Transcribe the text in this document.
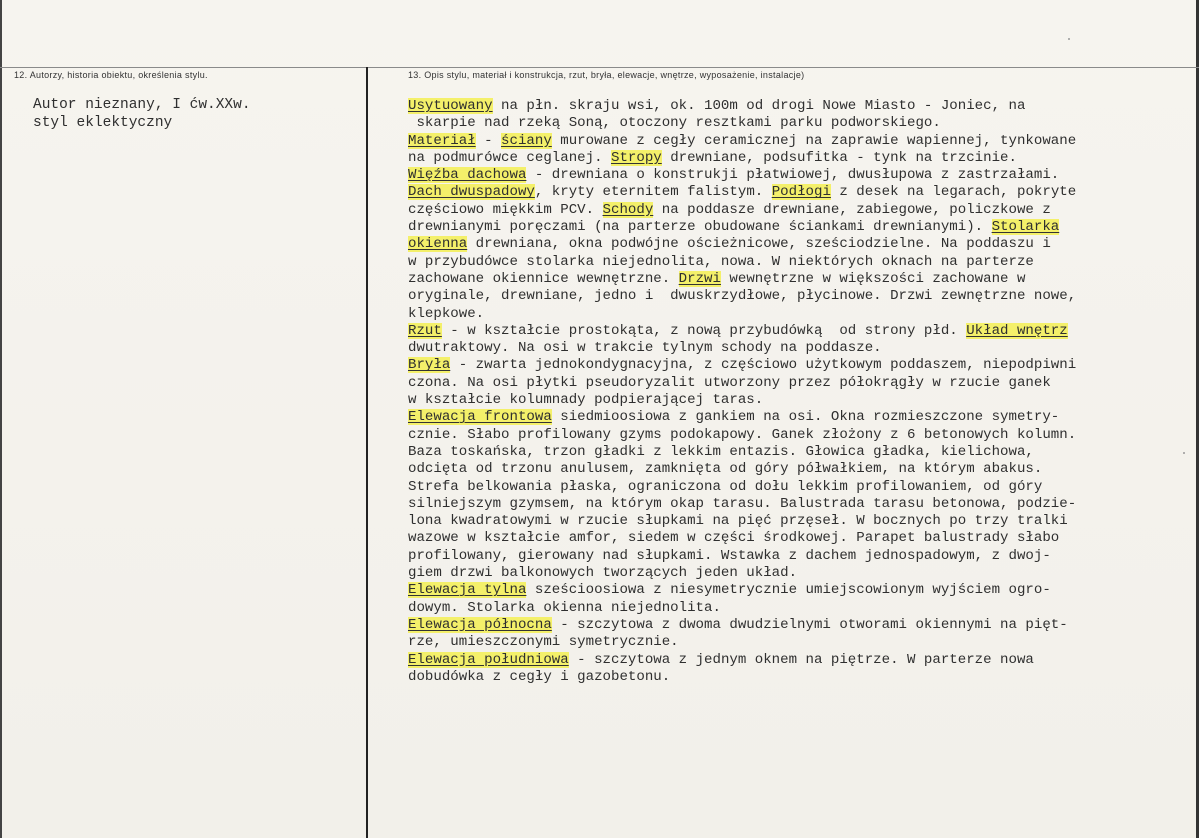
12. Autorzy, historia obiektu, określenia stylu.	13. Opis stylu, materiał i konstrukcja, rzut, bryła, elewacje, wnętrze, wyposażenie, instalacje)
Autor nieznany, I ćw.XXw.
styl eklektyczny
Usytuowany na płn. skraju wsi, ok. 100m od drogi Nowe Miasto - Joniec, na
skarpie nad rzeką Soną, otoczony resztkami parku podworskiego.
Materiał - ściany murowane z cegły ceramicznej na zaprawie wapiennej, tynkowane
na podmurówce ceglanej. Stropy drewniane, podsufitka - tynk na trzcinie.
Więźba dachowa - drewniana o konstrukji płatwiowej, dwusłupowa z zastrzałami.
Dach dwuspadowy, kryty eternitem falistym. Podłogi z desek na legarach, pokryte
częściowo miękkim PCV. Schody na poddasze drewniane, zabiegowe, policzkowe z
drewnianymi poręczami (na parterze obudowane ściankami drewnianymi). Stolarka
okienna drewniana, okna podwójne ościeżnicowe, sześciodzielne. Na poddaszu i
w przybudówce stolarka niejednolita, nowa. W niektórych oknach na parterze
zachowane okiennice wewnętrzne. Drzwi wewnętrzne w większości zachowane w
oryginale, drewniane, jedno i  dwuskrzydłowe, płycinowe. Drzwi zewnętrzne nowe,
klepkowe.
Rzut - w kształcie prostokąta, z nową przybudówką  od strony płd. Układ wnętrz
dwutraktowy. Na osi w trakcie tylnym schody na poddasze.
Bryła - zwarta jednokondygnacyjna, z częściowo użytkowym poddaszem, niepodpiwni
czona. Na osi płytki pseudoryzalit utworzony przez półokrągły w rzucie ganek
w kształcie kolumnady podpierającej taras.
Elewacja frontowa siedmioosiowa z gankiem na osi. Okna rozmieszczone symetry-
cznie. Słabo profilowany gzyms podokapowy. Ganek złożony z 6 betonowych kolumn.
Baza toskańska, trzon gładki z lekkim entazis. Głowica gładka, kielichowa,
odcięta od trzonu anulusem, zamknięta od góry półwałkiem, na którym abakus.
Strefa belkowania płaska, ograniczona od dołu lekkim profilowaniem, od góry
silniejszym gzymsem, na którym okap tarasu. Balustrada tarasu betonowa, podzie-
lona kwadratowymi w rzucie słupkami na pięć przęseł. W bocznych po trzy tralki
wazowe w kształcie amfor, siedem w części środkowej. Parapet balustrady słabo
profilowany, gierowany nad słupkami. Wstawka z dachem jednospadowym, z dwoj-
giem drzwi balkonowych tworzących jeden układ.
Elewacja tylna sześcioosiowa z niesymetrycznie umiejscowionym wyjściem ogro-
dowym. Stolarka okienna niejednolita.
Elewacja północna - szczytowa z dwoma dwudzielnymi otworami okiennymi na pięt-
rze, umieszczonymi symetrycznie.
Elewacja południowa - szczytowa z jednym oknem na piętrze. W parterze nowa
dobudówka z cegły i gazobetonu.
